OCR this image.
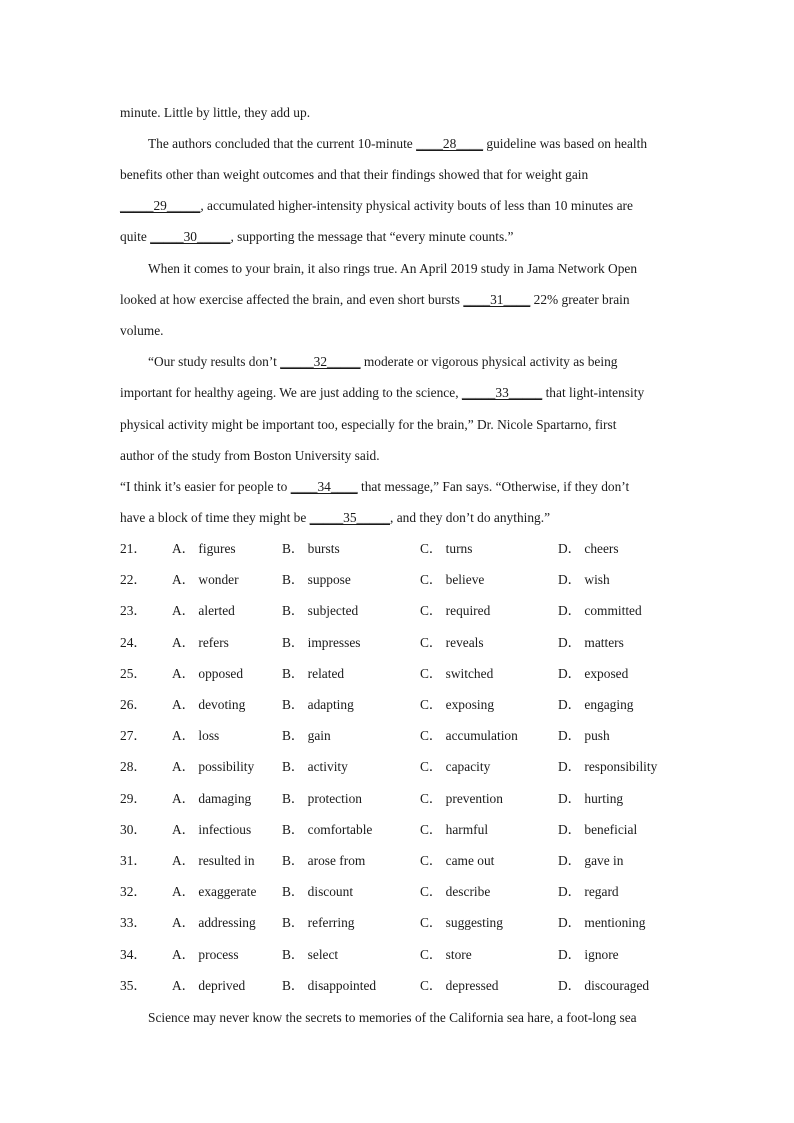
minute. Little by little, they add up.
The authors concluded that the current 10-minute ____28____ guideline was based on health
benefits other than weight outcomes and that their findings showed that for weight gain
_____29_____, accumulated higher-intensity physical activity bouts of less than 10 minutes are
quite _____30_____, supporting the message that “every minute counts.”
When it comes to your brain, it also rings true. An April 2019 study in Jama Network Open
looked at how exercise affected the brain, and even short bursts ____31____ 22% greater brain
volume.
“Our study results don’t _____32_____ moderate or vigorous physical activity as being
important for healthy ageing. We are just adding to the science, _____33_____ that light-intensity
physical activity might be important too, especially for the brain,” Dr. Nicole Spartarno, first
author of the study from Boston University said.
“I think it’s easier for people to ____34____ that message,” Fan says. “Otherwise, if they don’t
have a block of time they might be _____35_____, and they don’t do anything.”
21． A． figures	B． bursts	C． turns	D． cheers
22． A． wonder	B． suppose	C． believe	D． wish
23． A． alerted	B． subjected	C． required	D． committed
24． A． refers	B． impresses	C． reveals	D． matters
25． A． opposed	B． related	C． switched	D． exposed
26． A． devoting	B． adapting	C． exposing	D． engaging
27． A． loss	B． gain	C． accumulation	D． push
28． A． possibility B． activity	C． capacity	D． responsibility
29． A． damaging B． protection	C． prevention	D． hurting
30． A． infectious B． comfortable	C． harmful	D． beneficial
31． A． resulted in B． arose from	C． came out	D． gave in
32． A． exaggerate B． discount	C． describe	D． regard
33． A． addressing B． referring	C． suggesting	D． mentioning
34． A． process	B． select	C． store	D． ignore
35． A． deprived	B． disappointed	C． depressed	D． discouraged
Science may never know the secrets to memories of the California sea hare, a foot-long sea
